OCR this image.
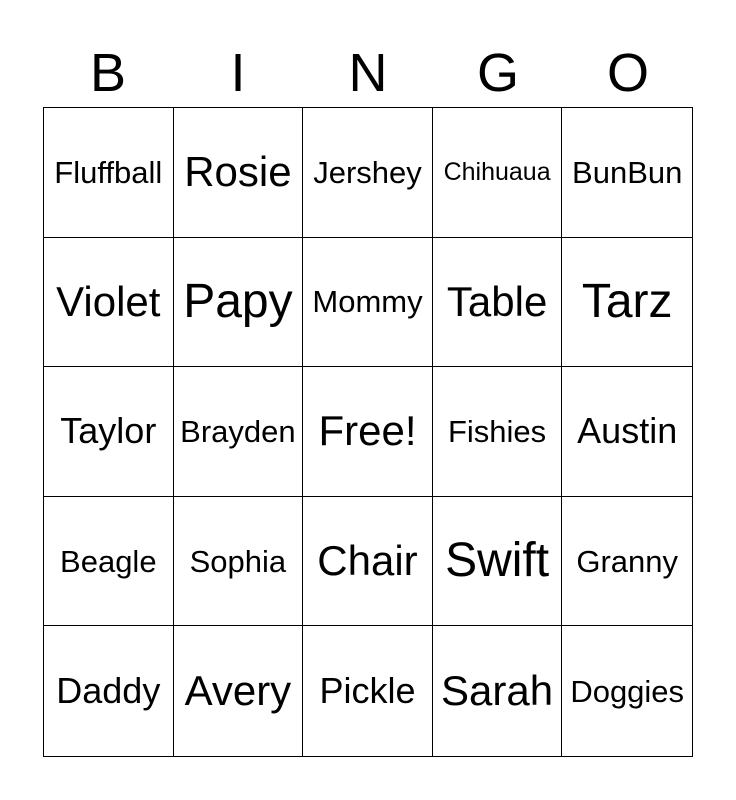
B	I	N	G	O
Fluffball Rosie Jershey Chihuaua BunBun
Violet Papy Mommy Table Tarz
Taylor Brayden Free!	Fishies Austin
Beagle	Sophia Chair Swift Granny
Daddy Avery Pickle Sarah Doggies
